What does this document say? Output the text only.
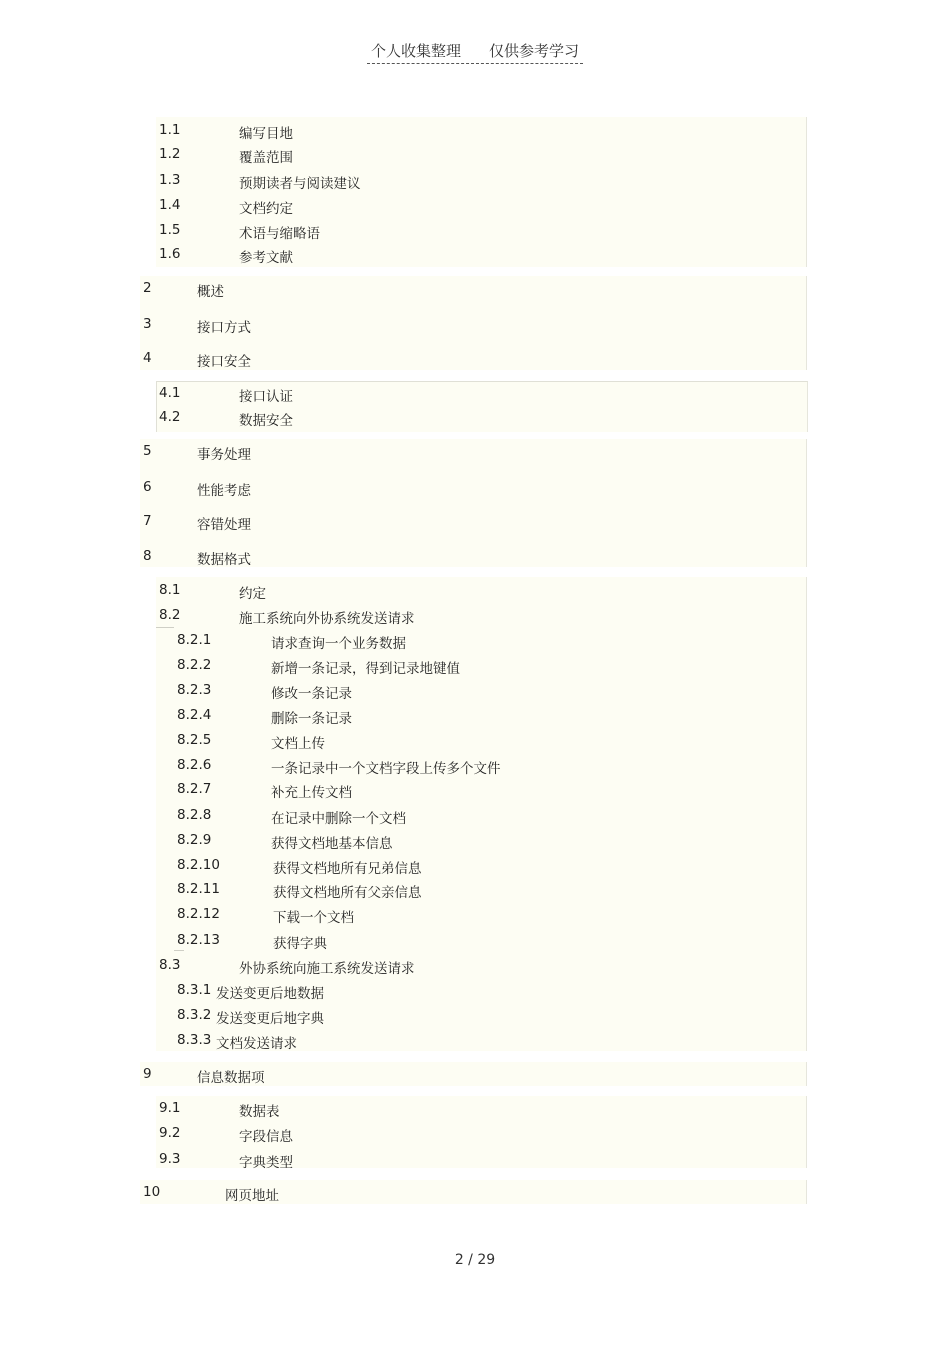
个人收集整理 仅供参考学习
1.1	编写目地
1.2	覆盖范围
1.3	预期读者与阅读建议
1.4	文档约定
1.5	术语与缩略语
1.6	参考文献
2	概述
3	接口方式
4	接口安全
4.1	接口认证
4.2	数据安全
5	事务处理
6	性能考虑
7	容错处理
8	数据格式
8.1	约定
8.2	施工系统向外协系统发送请求
8.2.1	请求查询一个业务数据
8.2.2	新增一条记录，得到记录地键值
8.2.3	修改一条记录
8.2.4	删除一条记录
8.2.5	文档上传
8.2.6	一条记录中一个文档字段上传多个文件
8.2.7	补充上传文档
8.2.8	在记录中删除一个文档
8.2.9	获得文档地基本信息
8.2.10	获得文档地所有兄弟信息
8.2.11	获得文档地所有父亲信息
8.2.12	下载一个文档
8.2.13	获得字典
8.3	外协系统向施工系统发送请求
8.3.1 发送变更后地数据
8.3.2 发送变更后地字典
8.3.3 文档发送请求
9	信息数据项
9.1	数据表
9.2	字段信息
9.3	字典类型
10	网页地址
2 / 29
